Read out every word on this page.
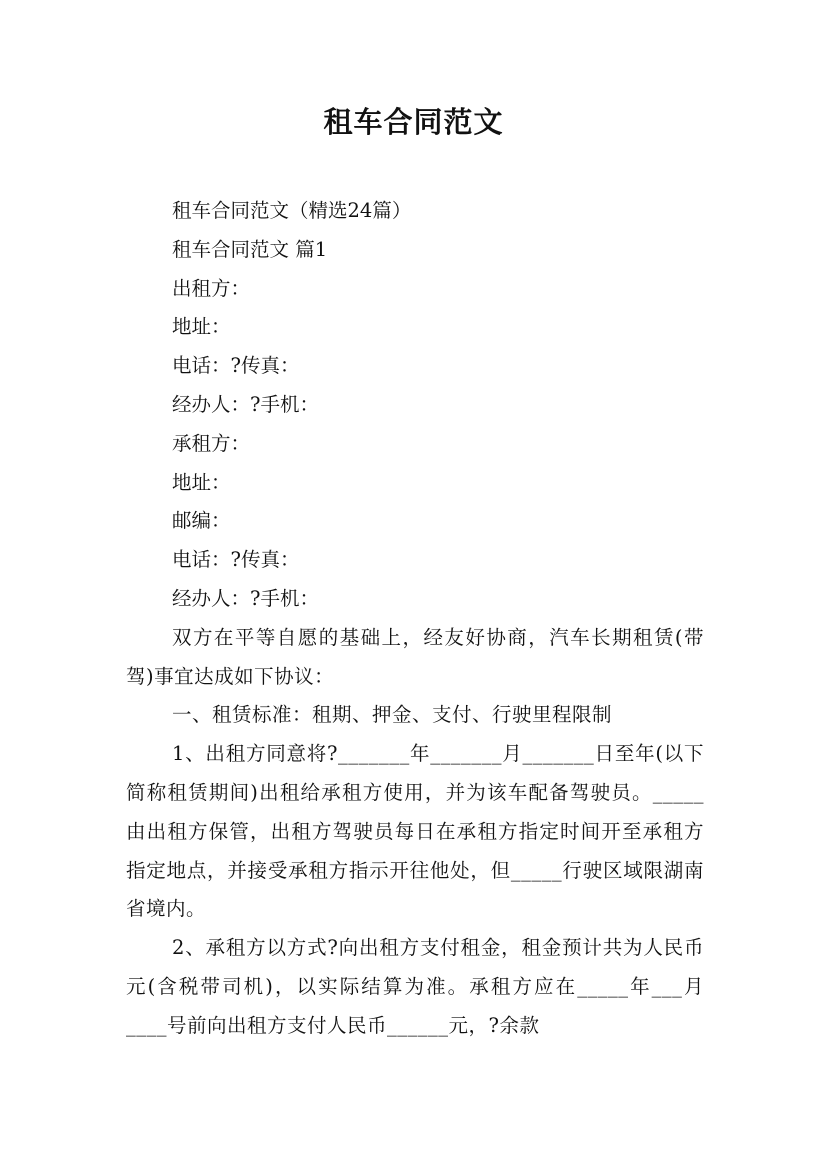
租车合同范文

租车合同范文（精选24篇）

租车合同范文 篇1

出租方：

地址：

电话：?传真：

经办人：?手机：

承租方：

地址：

邮编：

电话：?传真：

经办人：?手机：

双方在平等自愿的基础上，经友好协商，汽车长期租赁(带驾)事宜达成如下协议：

一、租赁标准：租期、押金、支付、行驶里程限制

1、出租方同意将?_______年_______月_______日至年(以下简称租赁期间)出租给承租方使用，并为该车配备驾驶员。_____由出租方保管，出租方驾驶员每日在承租方指定时间开至承租方指定地点，并接受承租方指示开往他处，但_____行驶区域限湖南省境内。

2、承租方以方式?向出租方支付租金，租金预计共为人民币元(含税带司机)，以实际结算为准。承租方应在_____年___月____号前向出租方支付人民币______元，?余款
